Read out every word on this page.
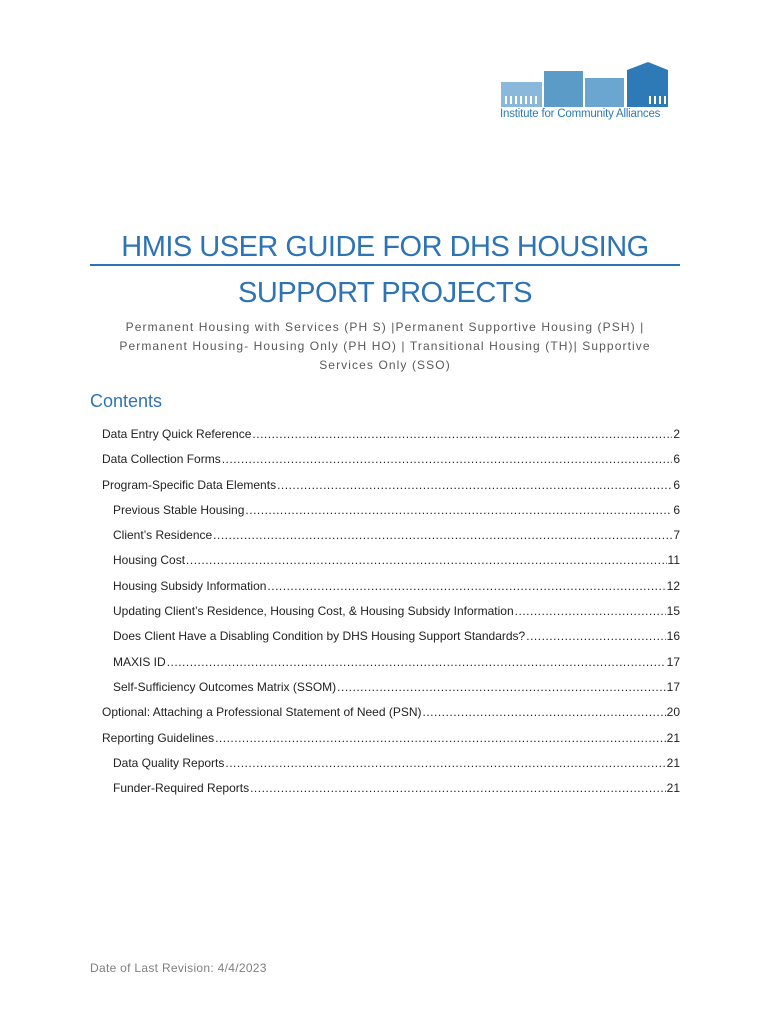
Institute for Community Alliances
HMIS USER GUIDE FOR DHS HOUSING
SUPPORT PROJECTS
Permanent Housing with Services (PH S) |Permanent Supportive Housing (PSH) |
Permanent Housing- Housing Only (PH HO) | Transitional Housing (TH)| Supportive
Services Only (SSO)
Contents
Data Entry Quick Reference .....	2
Data Collection Forms .....	6
Program-Specific Data Elements .....	6
Previous Stable Housing .....	6
Client’s Residence .....	7
Housing Cost .....	11
Housing Subsidy Information .....	12
Updating Client’s Residence, Housing Cost, & Housing Subsidy Information .....	15
Does Client Have a Disabling Condition by DHS Housing Support Standards? .....	16
MAXIS ID .....	17
Self-Sufficiency Outcomes Matrix (SSOM) .....	17
Optional: Attaching a Professional Statement of Need (PSN) .....	20
Reporting Guidelines .....	21
Data Quality Reports .....	21
Funder-Required Reports .....	21
Date of Last Revision: 4/4/2023
